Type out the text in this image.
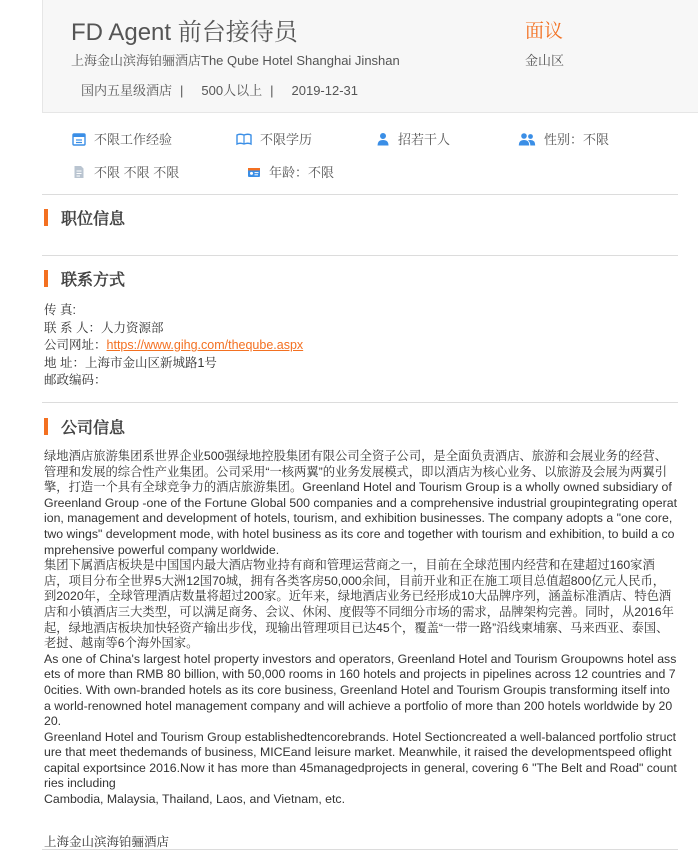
FD Agent 前台接待员	面议
上海金山滨海铂骊酒店The Qube Hotel Shanghai Jinshan	金山区
国内五星级酒店 | 500人以上 | 2019-12-31
不限工作经验	不限学历	招若干人	性别：不限
不限 不限 不限	年龄：不限
职位信息
联系方式
传 真:
联 系 人：人力资源部
公司网址：https://www.gihg.com/theqube.aspx
地 址：上海市金山区新城路1号
邮政编码：
公司信息

绿地酒店旅游集团系世界企业500强绿地控股集团有限公司全资子公司，是全面负责酒店、旅游和会展业务的经营、管理和发展的综合性产业集团。公司采用“一核两翼”的业务发展模式，即以酒店为核心业务、以旅游及会展为两翼引擎，打造一个具有全球竞争力的酒店旅游集团。Greenland Hotel and Tourism Group is a wholly owned subsidiary of Greenland Group -one of the Fortune Global 500 companies and a comprehensive industrial groupintegrating operation, management and development of hotels, tourism, and exhibition businesses. The company adopts a "one core, two wings" development mode, with hotel business as its core and together with tourism and exhibition, to build a comprehensive powerful company worldwide.

集团下属酒店板块是中国国内最大酒店物业持有商和管理运营商之一，目前在全球范围内经营和在建超过160家酒店，项目分布全世界5大洲12国70城，拥有各类客房50,000余间，目前开业和正在施工项目总值超800亿元人民币，到2020年，全球管理酒店数量将超过200家。近年来，绿地酒店业务已经形成10大品牌序列，涵盖标准酒店、特色酒店和小镇酒店三大类型，可以满足商务、会议、休闲、度假等不同细分市场的需求，品牌架构完善。同时，从2016年起，绿地酒店板块加快轻资产输出步伐，现输出管理项目已达45个，覆盖“一带一路”沿线柬埔寨、马来西亚、泰国、老挝、越南等6个海外国家。

As one of China's largest hotel property investors and operators, Greenland Hotel and Tourism Groupowns hotel assets of more than RMB 80 billion, with 50,000 rooms in 160 hotels and projects in pipelines across 12 countries and 70cities. With own-branded hotels as its core business, Greenland Hotel and Tourism Groupis transforming itself into a world-renowned hotel management company and will achieve a portfolio of more than 200 hotels worldwide by 2020.

Greenland Hotel and Tourism Group establishedtencorebrands. Hotel Sectioncreated a well-balanced portfolio structure that meet thedemands of business, MICEand leisure market. Meanwhile, it raised the developmentspeed oflight capital exportsince 2016.Now it has more than 45managedprojects in general, covering 6 "The Belt and Road" countries including

Cambodia, Malaysia, Thailand, Laos, and Vietnam, etc.

上海金山滨海铂骊酒店
